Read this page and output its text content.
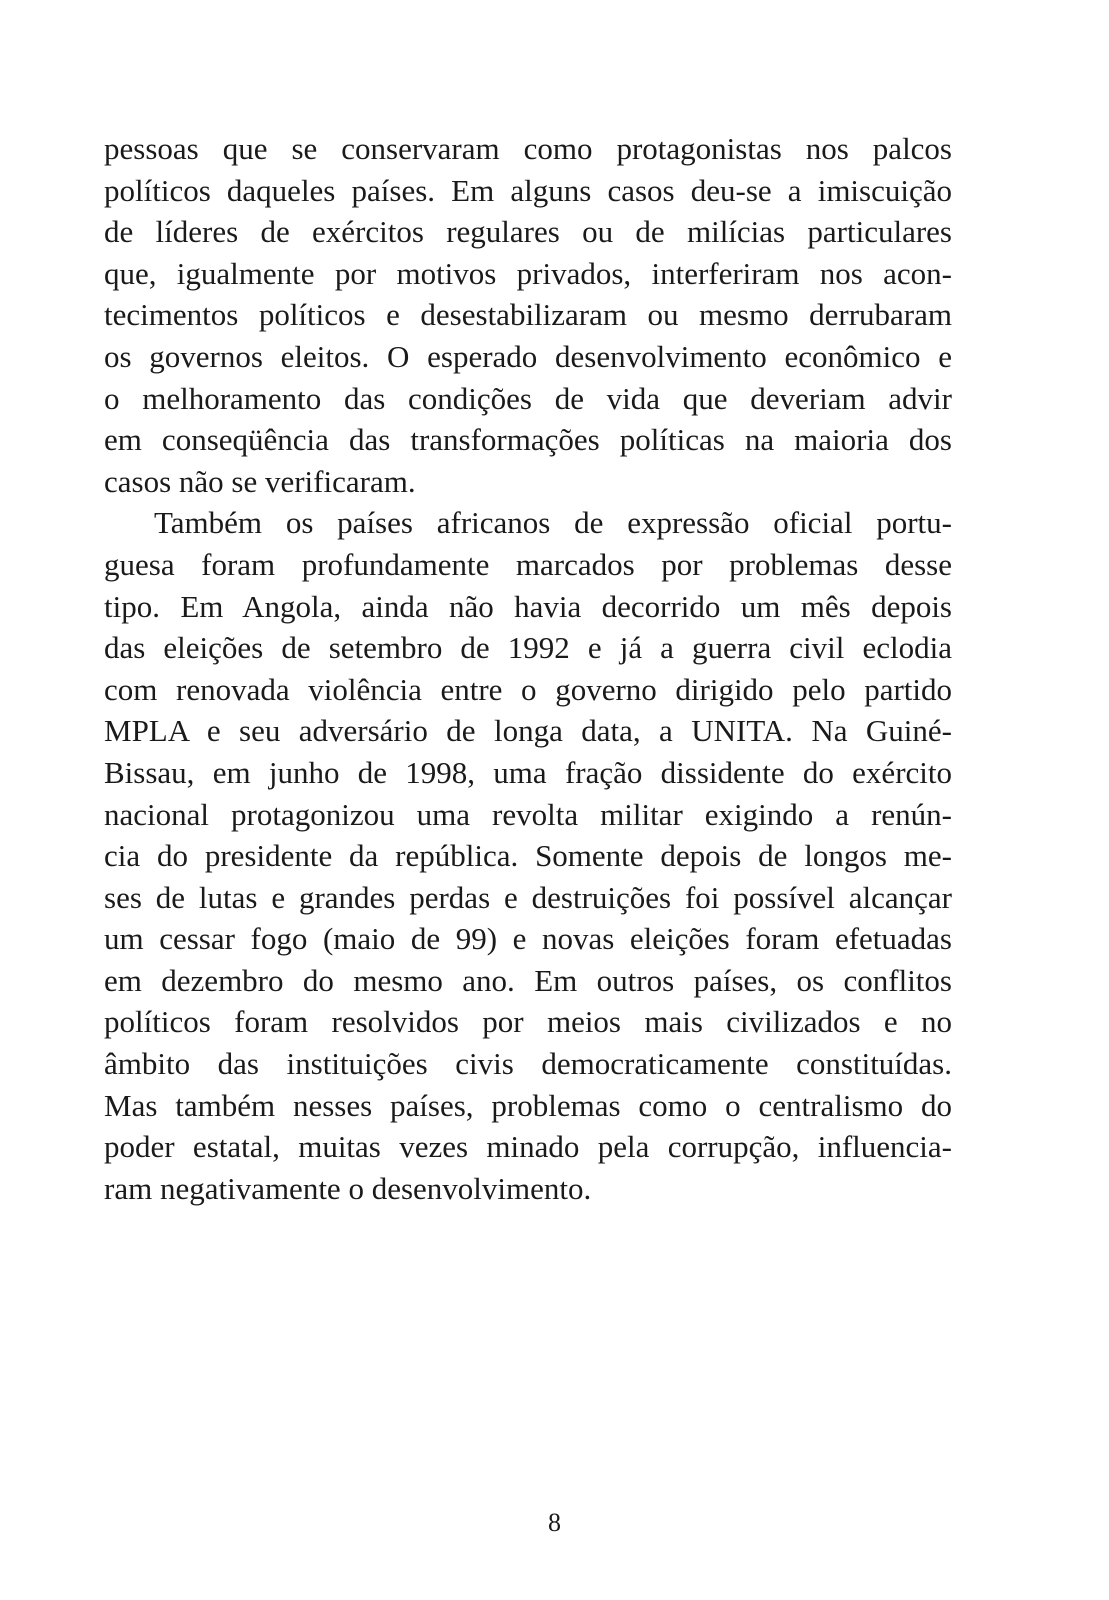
pessoas que se conservaram como protagonistas nos palcos
políticos daqueles países. Em alguns casos deu-se a imiscuição
de líderes de exércitos regulares ou de milícias particulares
que, igualmente por motivos privados, interferiram nos acon-
tecimentos políticos e desestabilizaram ou mesmo derrubaram
os governos eleitos. O esperado desenvolvimento econômico e
o melhoramento das condições de vida que deveriam advir
em conseqüência das transformações políticas na maioria dos
casos não se verificaram.
Também os países africanos de expressão oficial portu-
guesa foram profundamente marcados por problemas desse
tipo. Em Angola, ainda não havia decorrido um mês depois
das eleições de setembro de 1992 e já a guerra civil eclodia
com renovada violência entre o governo dirigido pelo partido
MPLA e seu adversário de longa data, a UNITA. Na Guiné-
Bissau, em junho de 1998, uma fração dissidente do exército
nacional protagonizou uma revolta militar exigindo a renún-
cia do presidente da república. Somente depois de longos me-
ses de lutas e grandes perdas e destruições foi possível alcançar
um cessar fogo (maio de 99) e novas eleições foram efetuadas
em dezembro do mesmo ano. Em outros países, os conflitos
políticos foram resolvidos por meios mais civilizados e no
âmbito das instituições civis democraticamente constituídas.
Mas também nesses países, problemas como o centralismo do
poder estatal, muitas vezes minado pela corrupção, influencia-
ram negativamente o desenvolvimento.
8
